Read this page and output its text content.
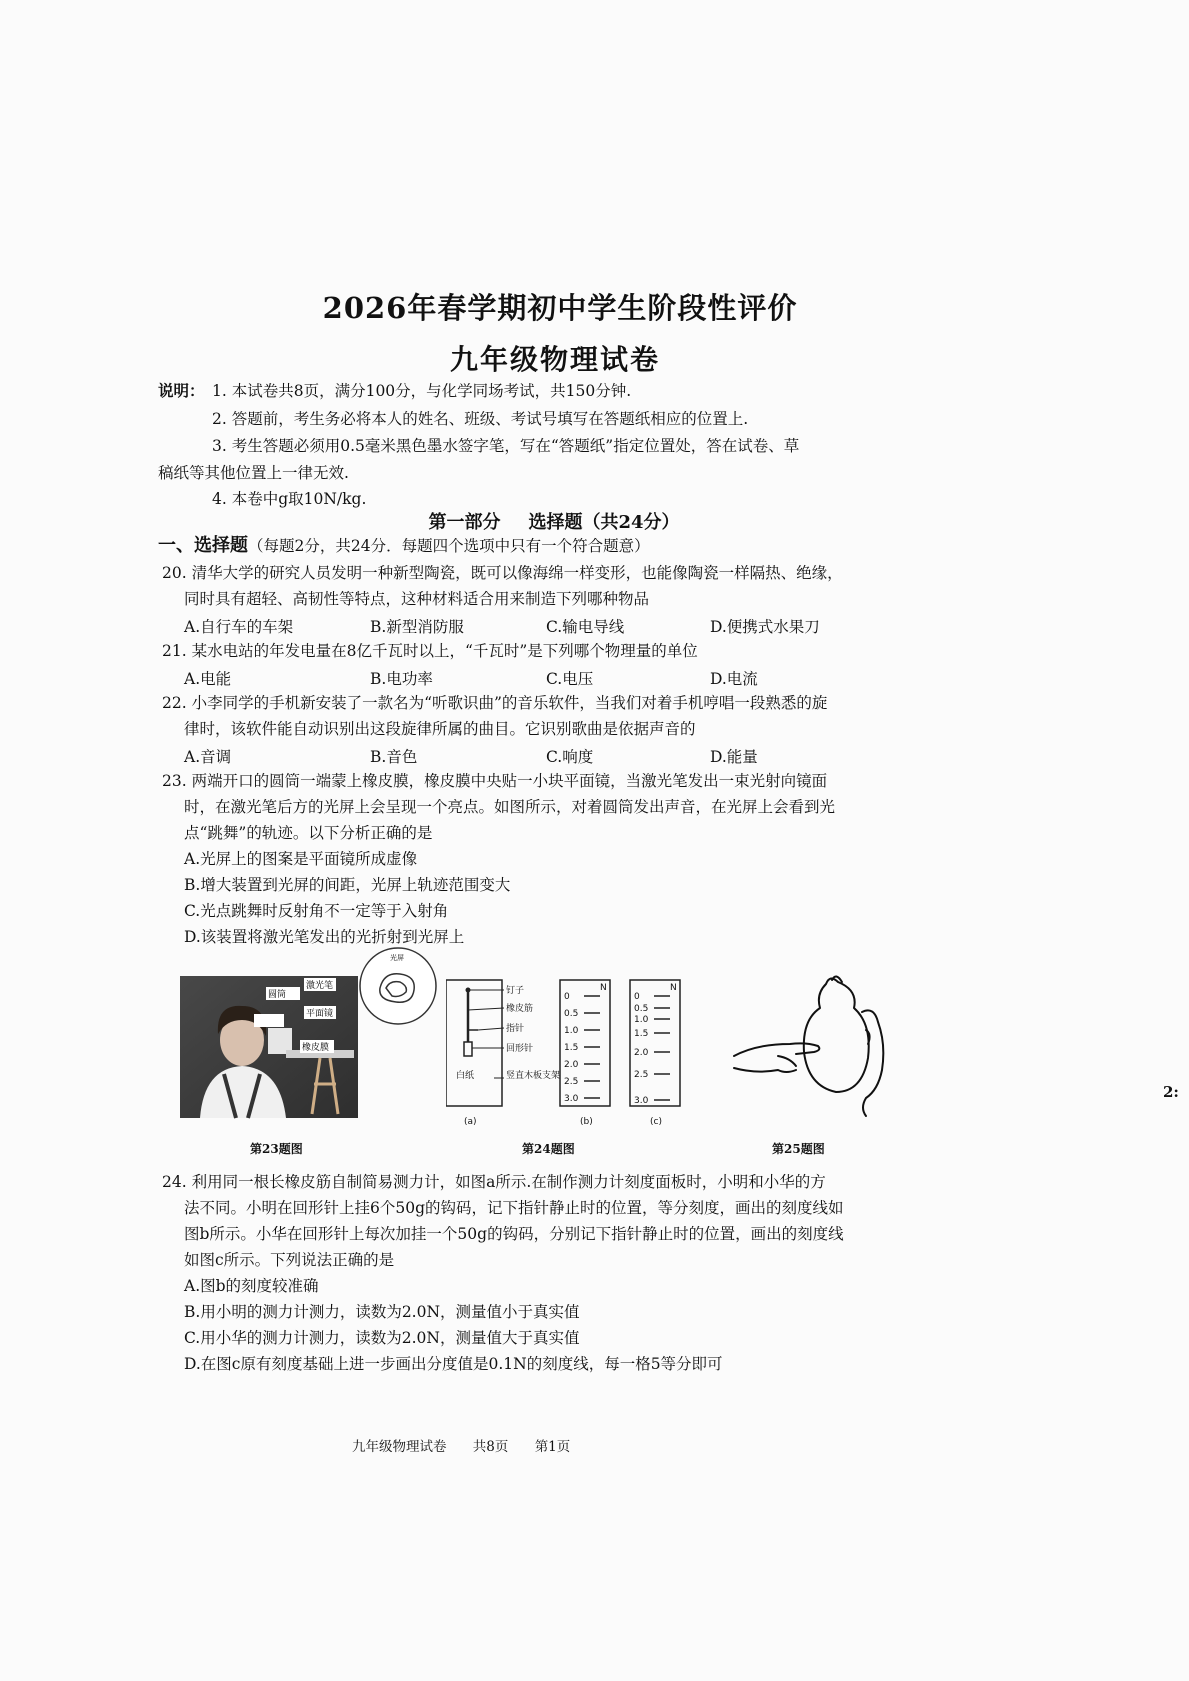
2026年春学期初中学生阶段性评价
九年级物理试卷
说明： 1. 本试卷共8页，满分100分，与化学同场考试，共150分钟.
2. 答题前，考生务必将本人的姓名、班级、考试号填写在答题纸相应的位置上.
3. 考生答题必须用0.5毫米黑色墨水签字笔，写在“答题纸”指定位置处，答在试卷、草
稿纸等其他位置上一律无效.
4. 本卷中g取10N/kg.
第一部分 选择题（共24分）
一、选择题（每题2分，共24分．每题四个选项中只有一个符合题意）
20. 清华大学的研究人员发明一种新型陶瓷，既可以像海绵一样变形，也能像陶瓷一样隔热、绝缘，
同时具有超轻、高韧性等特点，这种材料适合用来制造下列哪种物品
A.自行车的车架	B.新型消防服	C.输电导线	D.便携式水果刀
21. 某水电站的年发电量在8亿千瓦时以上，“千瓦时”是下列哪个物理量的单位
A.电能	B.电功率	C.电压	D.电流
22. 小李同学的手机新安装了一款名为“听歌识曲”的音乐软件，当我们对着手机哼唱一段熟悉的旋
律时，该软件能自动识别出这段旋律所属的曲目。它识别歌曲是依据声音的
A.音调	B.音色	C.响度	D.能量
23. 两端开口的圆筒一端蒙上橡皮膜，橡皮膜中央贴一小块平面镜，当激光笔发出一束光射向镜面
时，在激光笔后方的光屏上会呈现一个亮点。如图所示，对着圆筒发出声音，在光屏上会看到光
点“跳舞”的轨迹。以下分析正确的是
A.光屏上的图案是平面镜所成虚像
B.增大装置到光屏的间距，光屏上轨迹范围变大
C.光点跳舞时反射角不一定等于入射角
D.该装置将激光笔发出的光折射到光屏上
圆筒
激光笔
平面镜
橡皮膜
光屏
第23题图
钉子
橡皮筋
指针
回形针
白纸	竖直木板支架
(a)
N
0
0.5
1.0
1.5
2.0
2.5
3.0
(b)
N
0
0.5
1.0
1.5
2.0
2.5
3.0
(c)
第24题图	第25题图
24. 利用同一根长橡皮筋自制简易测力计，如图a所示.在制作测力计刻度面板时，小明和小华的方
法不同。小明在回形针上挂6个50g的钩码，记下指针静止时的位置，等分刻度，画出的刻度线如
图b所示。小华在回形针上每次加挂一个50g的钩码，分别记下指针静止时的位置，画出的刻度线
如图c所示。下列说法正确的是
A.图b的刻度较准确
B.用小明的测力计测力，读数为2.0N，测量值小于真实值
C.用小华的测力计测力，读数为2.0N，测量值大于真实值
D.在图c原有刻度基础上进一步画出分度值是0.1N的刻度线，每一格5等分即可
九年级物理试卷 共8页 第1页
2:
